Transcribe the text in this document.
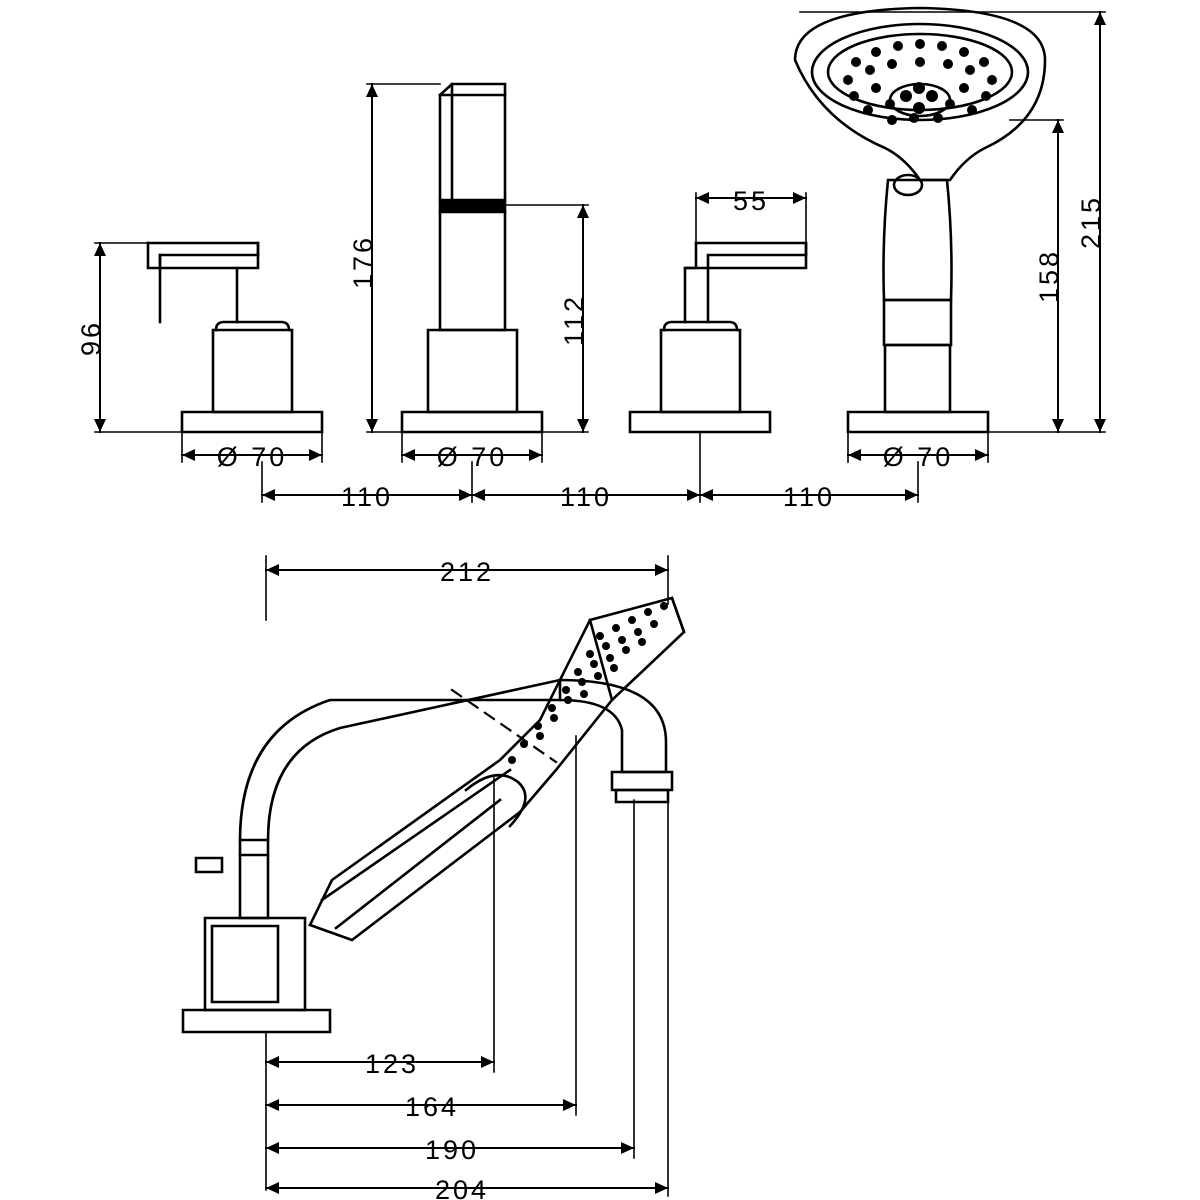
96
176
112
55	215
158
Ø 70	Ø 70	Ø 70
110	110	110
212
123
164
190
204
